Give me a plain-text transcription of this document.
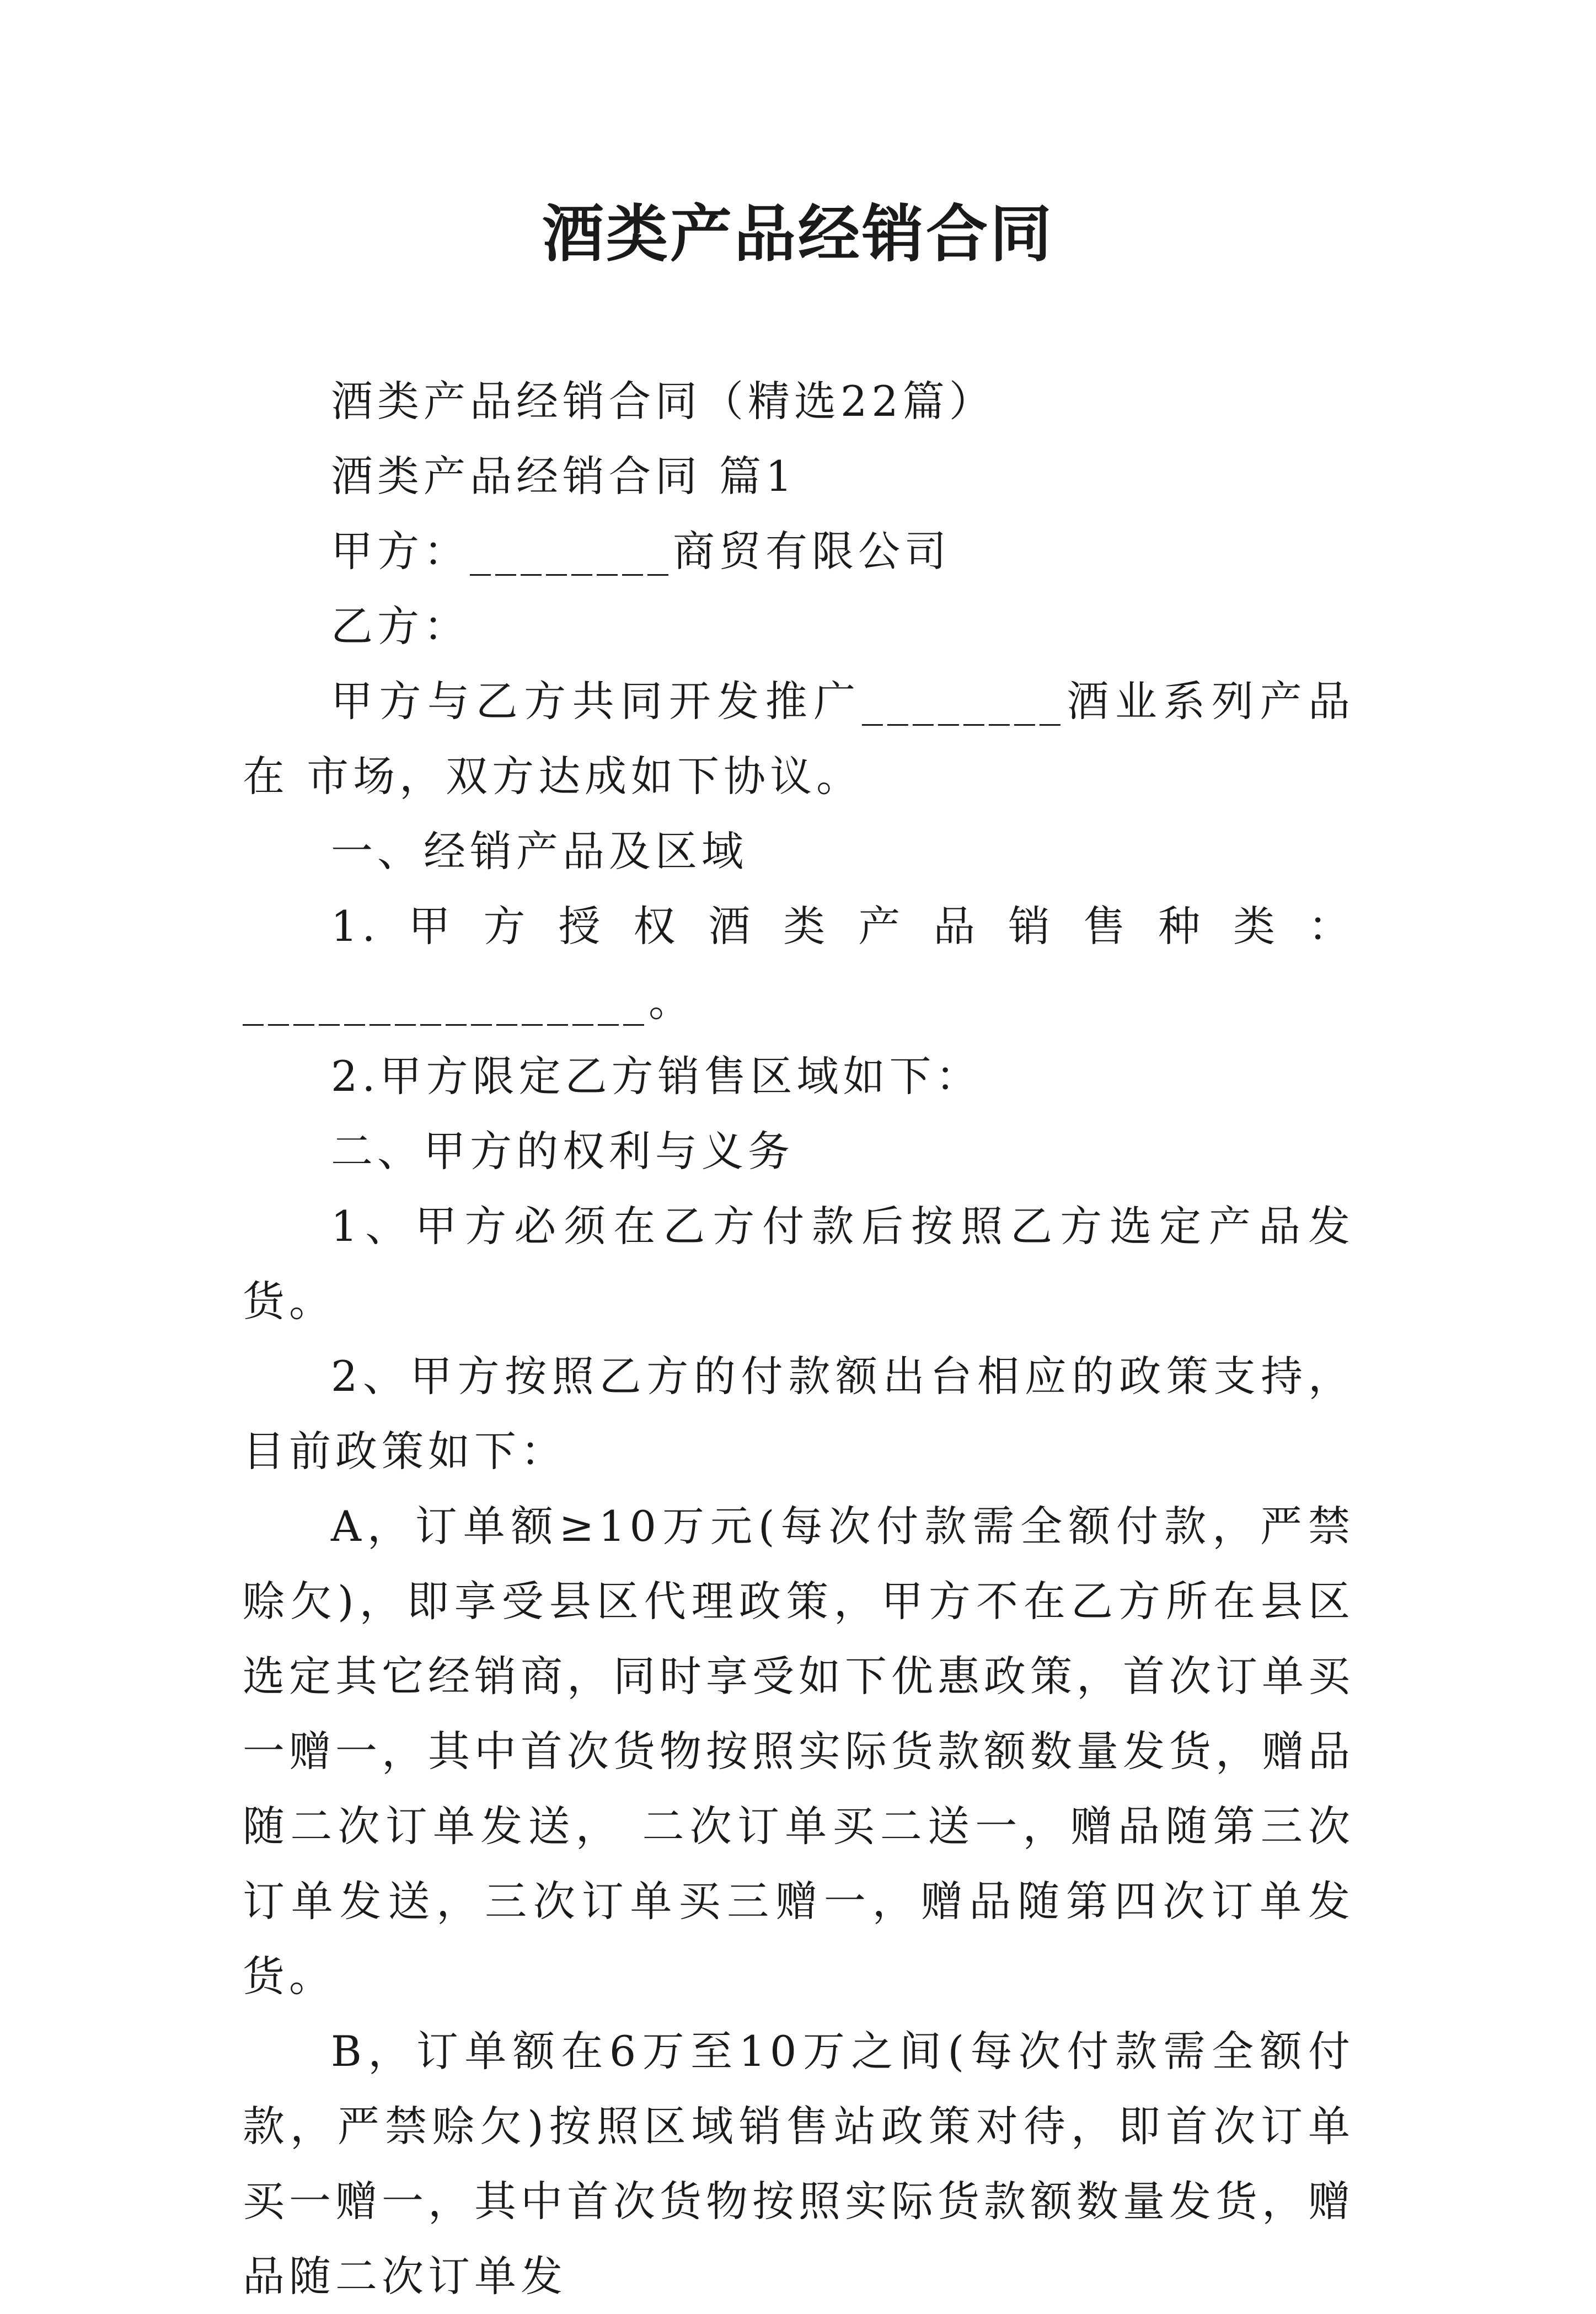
酒类产品经销合同

酒类产品经销合同（精选22篇）

酒类产品经销合同 篇1

甲方：________商贸有限公司

乙方：

甲方与乙方共同开发推广________酒业系列产品在 市场，双方达成如下协议。

一、经销产品及区域

1.甲方授权酒类产品销售种类：________________。

2.甲方限定乙方销售区域如下：

二、甲方的权利与义务

1、甲方必须在乙方付款后按照乙方选定产品发货。

2、甲方按照乙方的付款额出台相应的政策支持，目前政策如下：

A，订单额≥10万元(每次付款需全额付款，严禁赊欠)，即享受县区代理政策，甲方不在乙方所在县区选定其它经销商，同时享受如下优惠政策，首次订单买一赠一，其中首次货物按照实际货款额数量发货，赠品随二次订单发送， 二次订单买二送一，赠品随第三次订单发送，三次订单买三赠一，赠品随第四次订单发货。

B，订单额在6万至10万之间(每次付款需全额付款，严禁赊欠)按照区域销售站政策对待，即首次订单买一赠一，其中首次货物按照实际货款额数量发货，赠品随二次订单发
